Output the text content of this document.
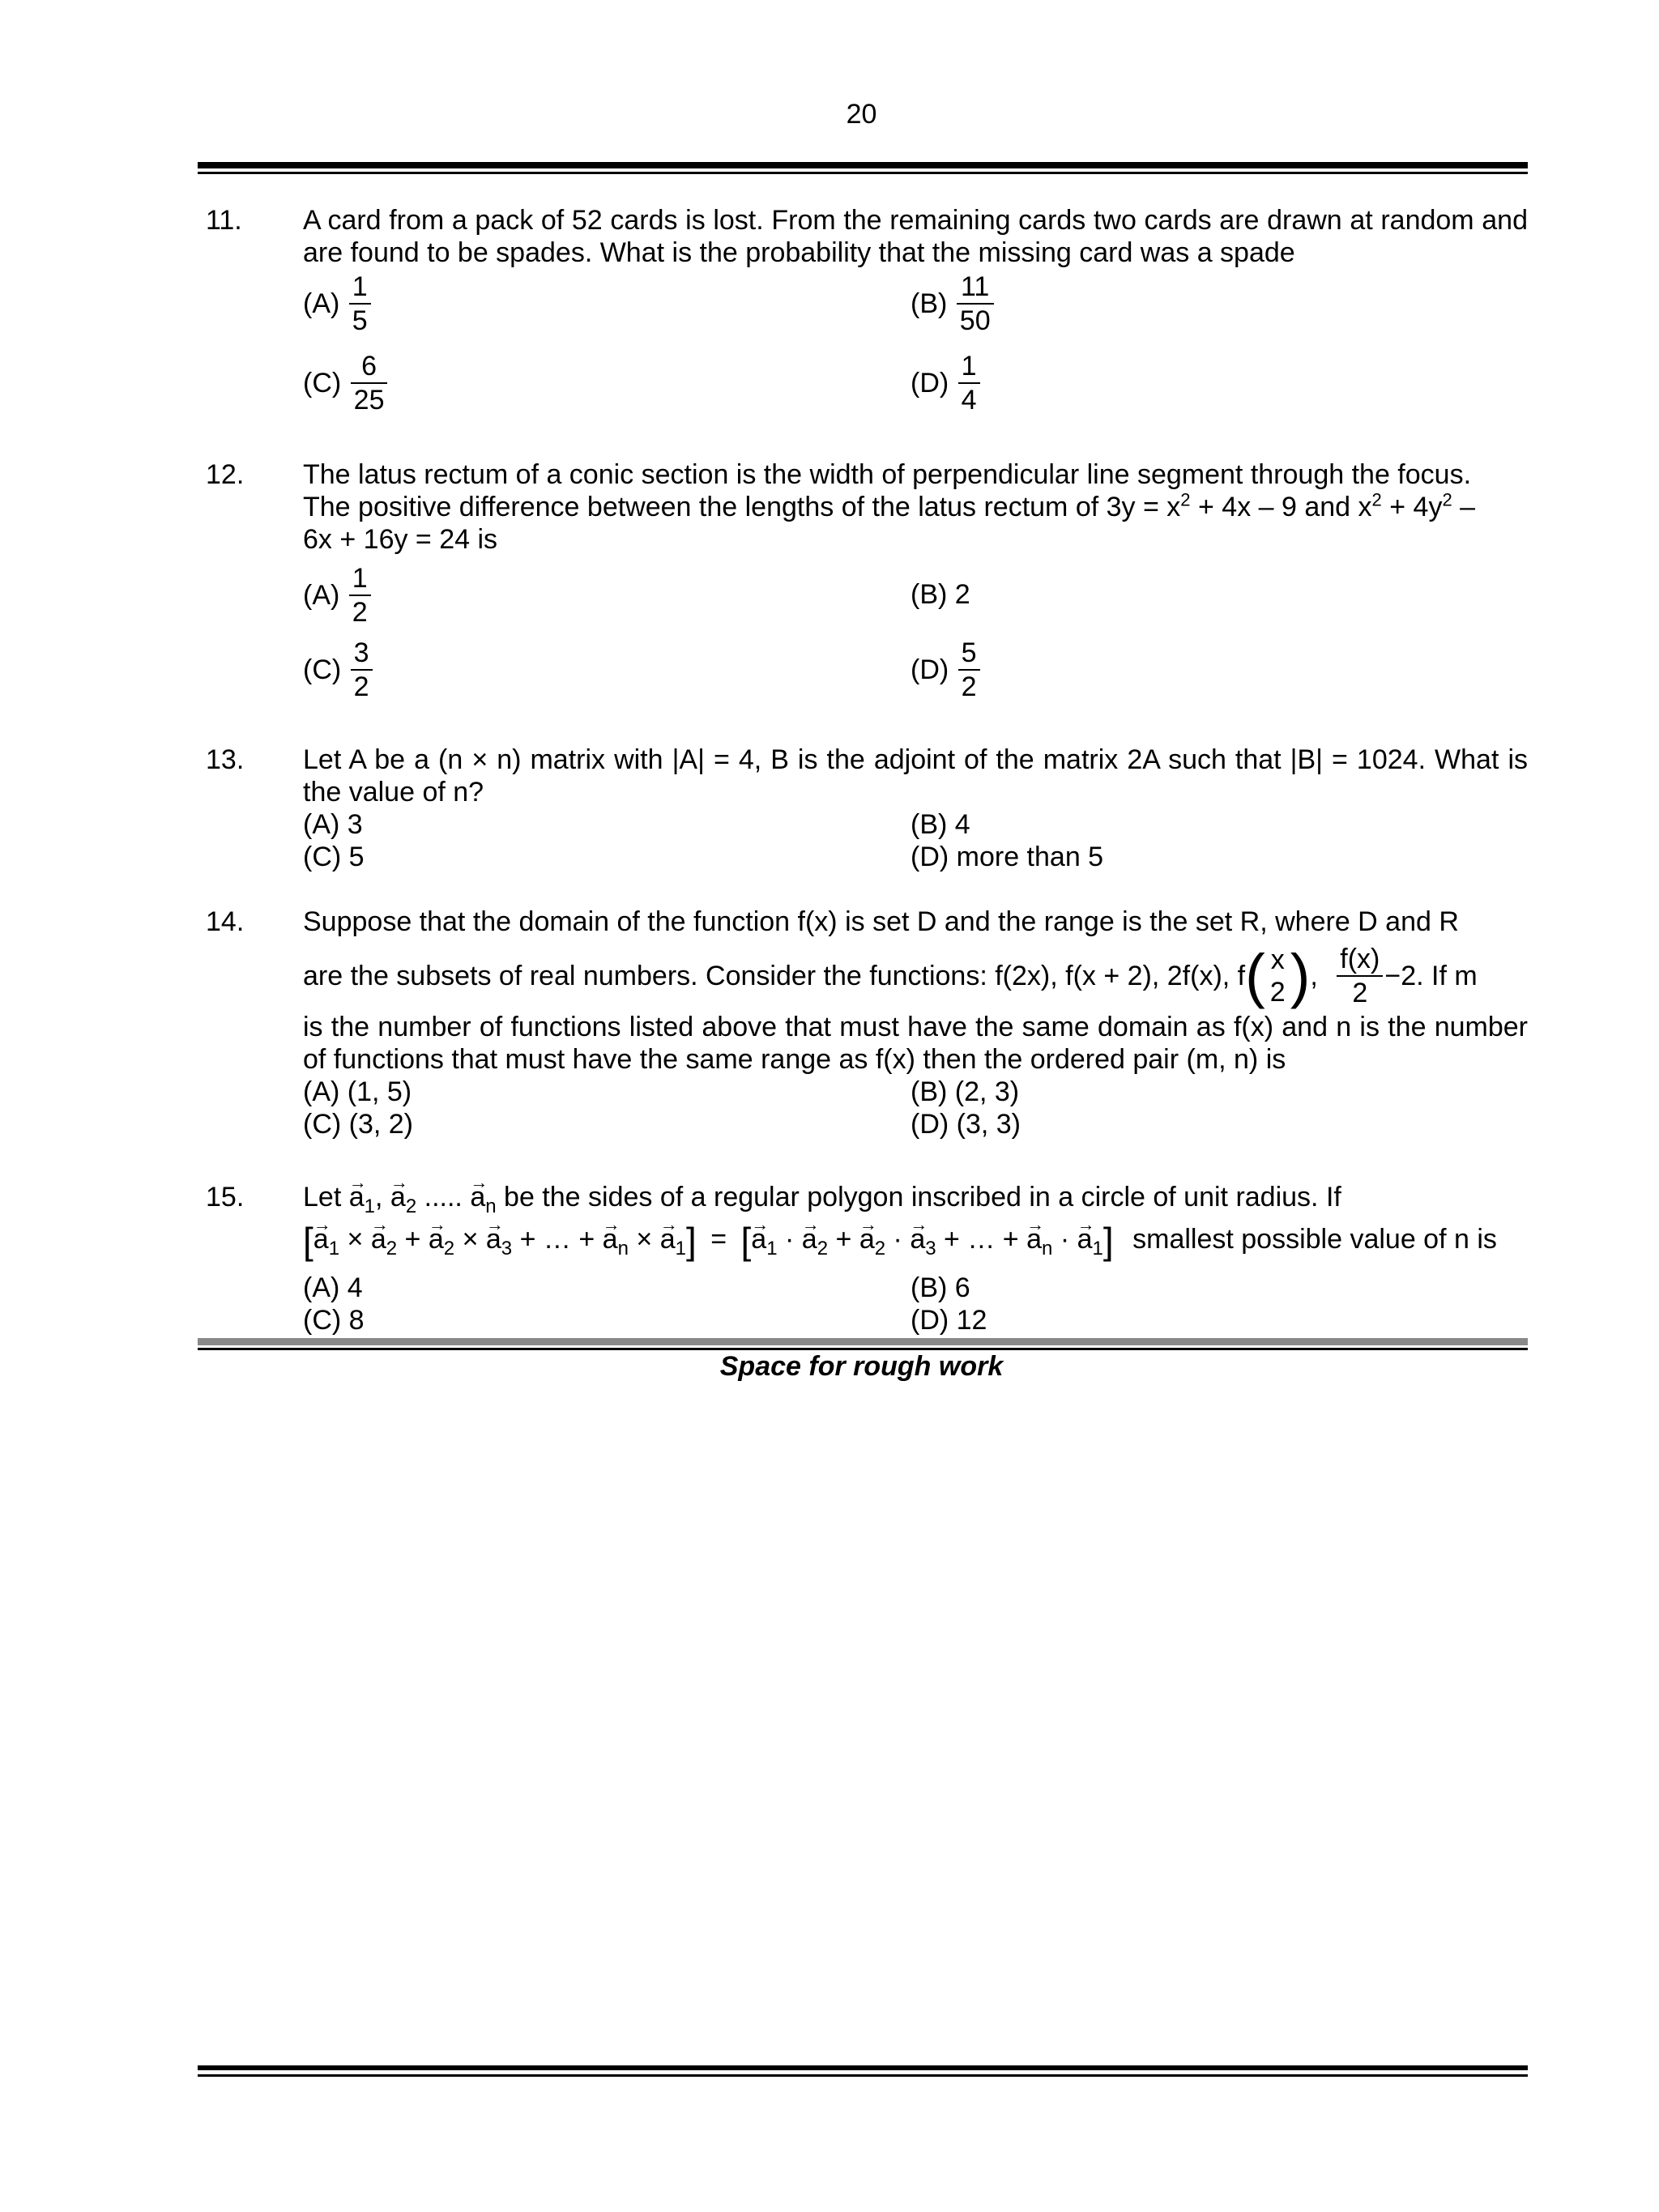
20
11. A card from a pack of 52 cards is lost. From the remaining cards two cards are drawn at random and are found to be spades. What is the probability that the missing card was a spade
$(A) \frac{1}{5}$	$(B) \frac{11}{50}$
$(C) \frac{6}{25}$	$(D) \frac{1}{4}$
12. The latus rectum of a conic section is the width of perpendicular line segment through the focus.
The positive difference between the lengths of the latus rectum of $3y = x^2 + 4x - 9$ and $x^2 + 4y^2$ –
6x + 16y = 24 is
$(A) \frac{1}{2}$	(B) 2
$(C) \frac{3}{2}$	$(D) \frac{5}{2}$
13. Let A be a (n × n) matrix with |A| = 4, B is the adjoint of the matrix 2A such that |B| = 1024. What is the value of n?
(A) 3	(B) 4
(C) 5	(D) more than 5
14. Suppose that the domain of the function f(x) is set D and the range is the set R, where D and R
are the subsets of real numbers. Consider the functions: f(2x), f(x + 2), 2f(x), f( x
2 ), $\frac{f(x)}{2} -2$. If m
is the number of functions listed above that must have the same domain as f(x) and n is the number of functions that must have the same range as f(x) then the ordered pair (m, n) is
(A) (1, 5)	(B) (2, 3)
(C) (3, 2)	(D) (3, 3)
15. Let → $a_1$, → $a_2$ ..... → $a_n$ be the sides of a regular polygon inscribed in a circle of unit radius. If
[→ $a_1$ × → $a_2$ + → $a_2$ × → $a_3$ + … + → $a_n$ × → $a_1$] = [→ $a_1$ · → $a_2$ + → $a_2$ · → $a_3$ + … + → $a_n$ · → $a_1$] smallest possible value of n is
(A) 4	(B) 6
(C) 8	(D) 12
Space for rough work
